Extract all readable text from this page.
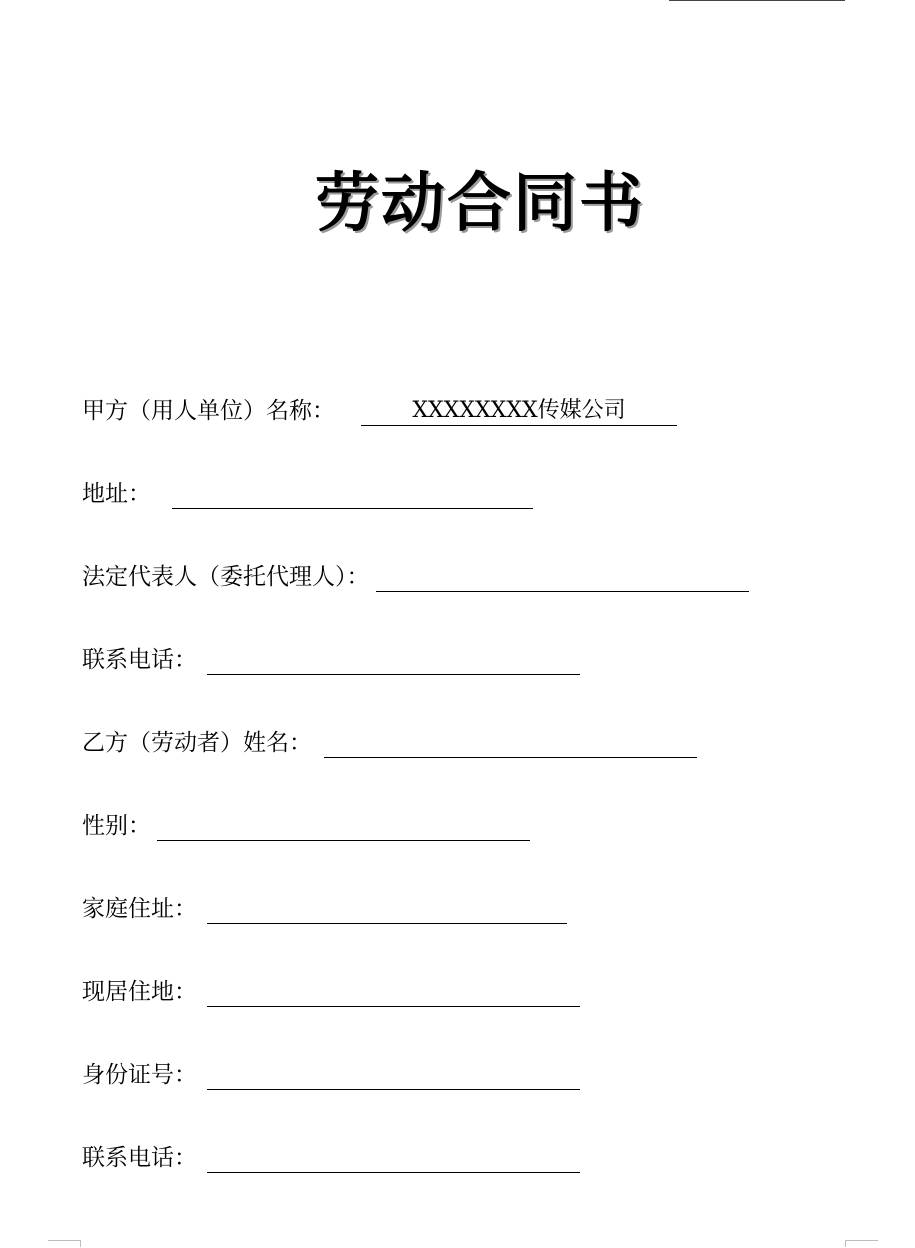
劳动合同书
甲方（用人单位）名称：	XXXXXXXX传媒公司
地址：
法定代表人（委托代理人）：
联系电话：
乙方（劳动者）姓名：
性别：
家庭住址：
现居住地：
身份证号：
联系电话：
